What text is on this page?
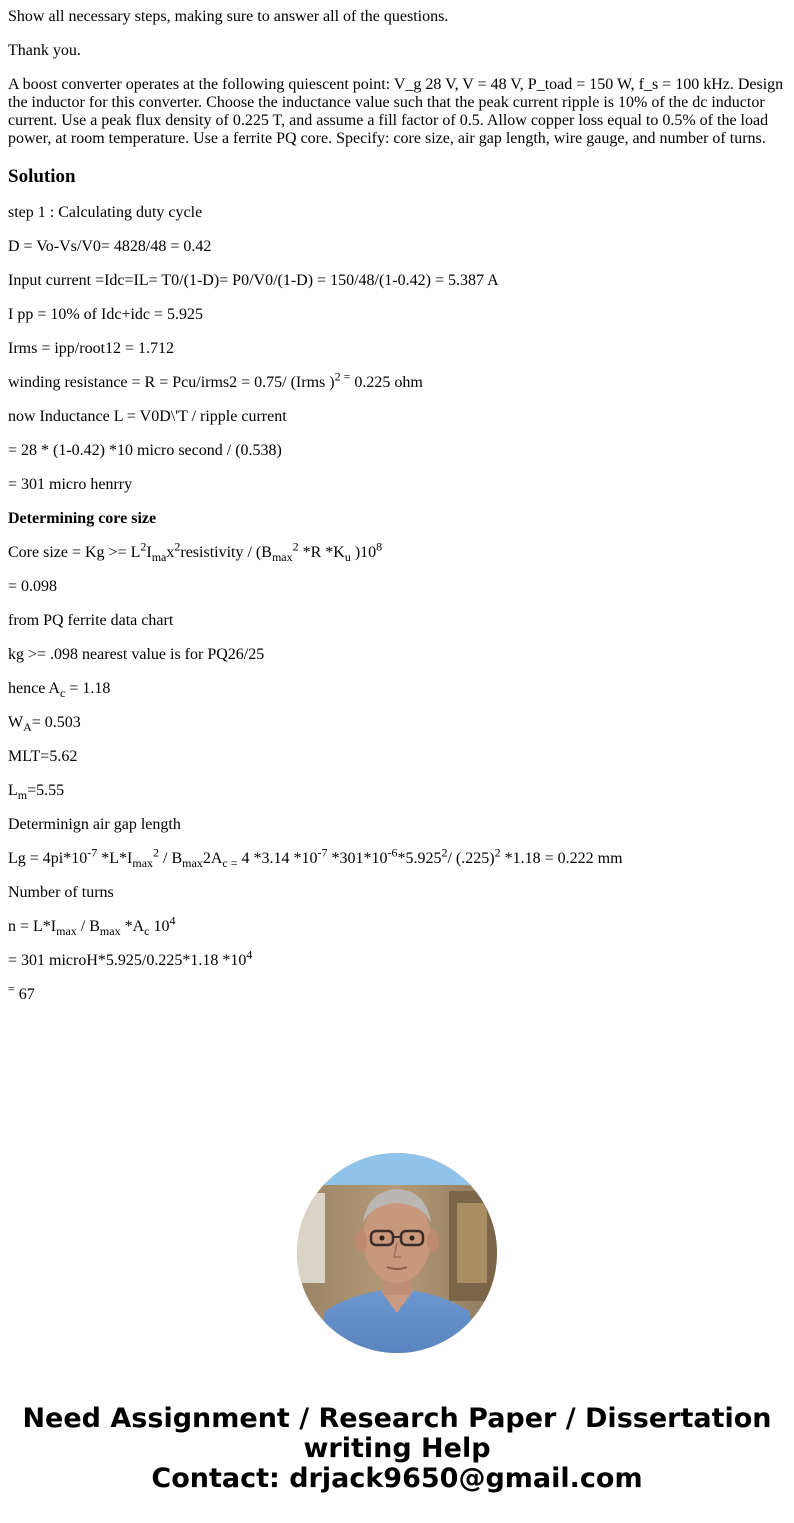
Show all necessary steps, making sure to answer all of the questions.

Thank you.

A boost converter operates at the following quiescent point: V_g 28 V, V = 48 V, P_toad = 150 W, f_s = 100 kHz. Design the inductor for this converter. Choose the inductance value such that the peak current ripple is 10% of the dc inductor current. Use a peak flux density of 0.225 T, and assume a fill factor of 0.5. Allow copper loss equal to 0.5% of the load power, at room temperature. Use a ferrite PQ core. Specify: core size, air gap length, wire gauge, and number of turns.

Solution

step 1 : Calculating duty cycle

D = Vo-Vs/V0= 4828/48 = 0.42

Input current =Idc=IL= T0/(1-D)= P0/V0/(1-D) = 150/48/(1-0.42) = 5.387 A

I pp = 10% of Idc+idc = 5.925

Irms = ipp/root12 = 1.712

winding resistance = R = Pcu/irms2 = 0.75/ (Irms )$^{2 =}$ 0.225 ohm

now Inductance L = V0D\'T / ripple current

= 28 * (1-0.42) *10 micro second / (0.538)

= 301 micro henrry

Determining core size

Core size = $Kg >= L^2I_{ma}x^2resistivity / (B_{max}^2$ *R $*K_u$ )$10^8$

= 0.098

from PQ ferrite data chart

kg >= .098 nearest value is for PQ26/25

hence $A_c = 1.18$

$W_A= 0.503$

MLT=5.62

$L_m=5.55$

Determinign air gap length

$Lg = 4pi*10^{-7}$ $*L*I_{max}^2 / B_{max}2A_{c =}$ 4 *3.14 $*10^{-7}$ $*301*10^{-6}*5.925^2/$ $(.225)^2$ *1.18 = 0.222 mm

Number of turns

$n = L*I_{max} / B_{max}$ $*A_c$ $10^4$

= 301 microH*5.925/0.225*1.18 $*10^4$

= 67

Need Assignment / Research Paper / Dissertation
writing Help
Contact: drjack9650@gmail.com
